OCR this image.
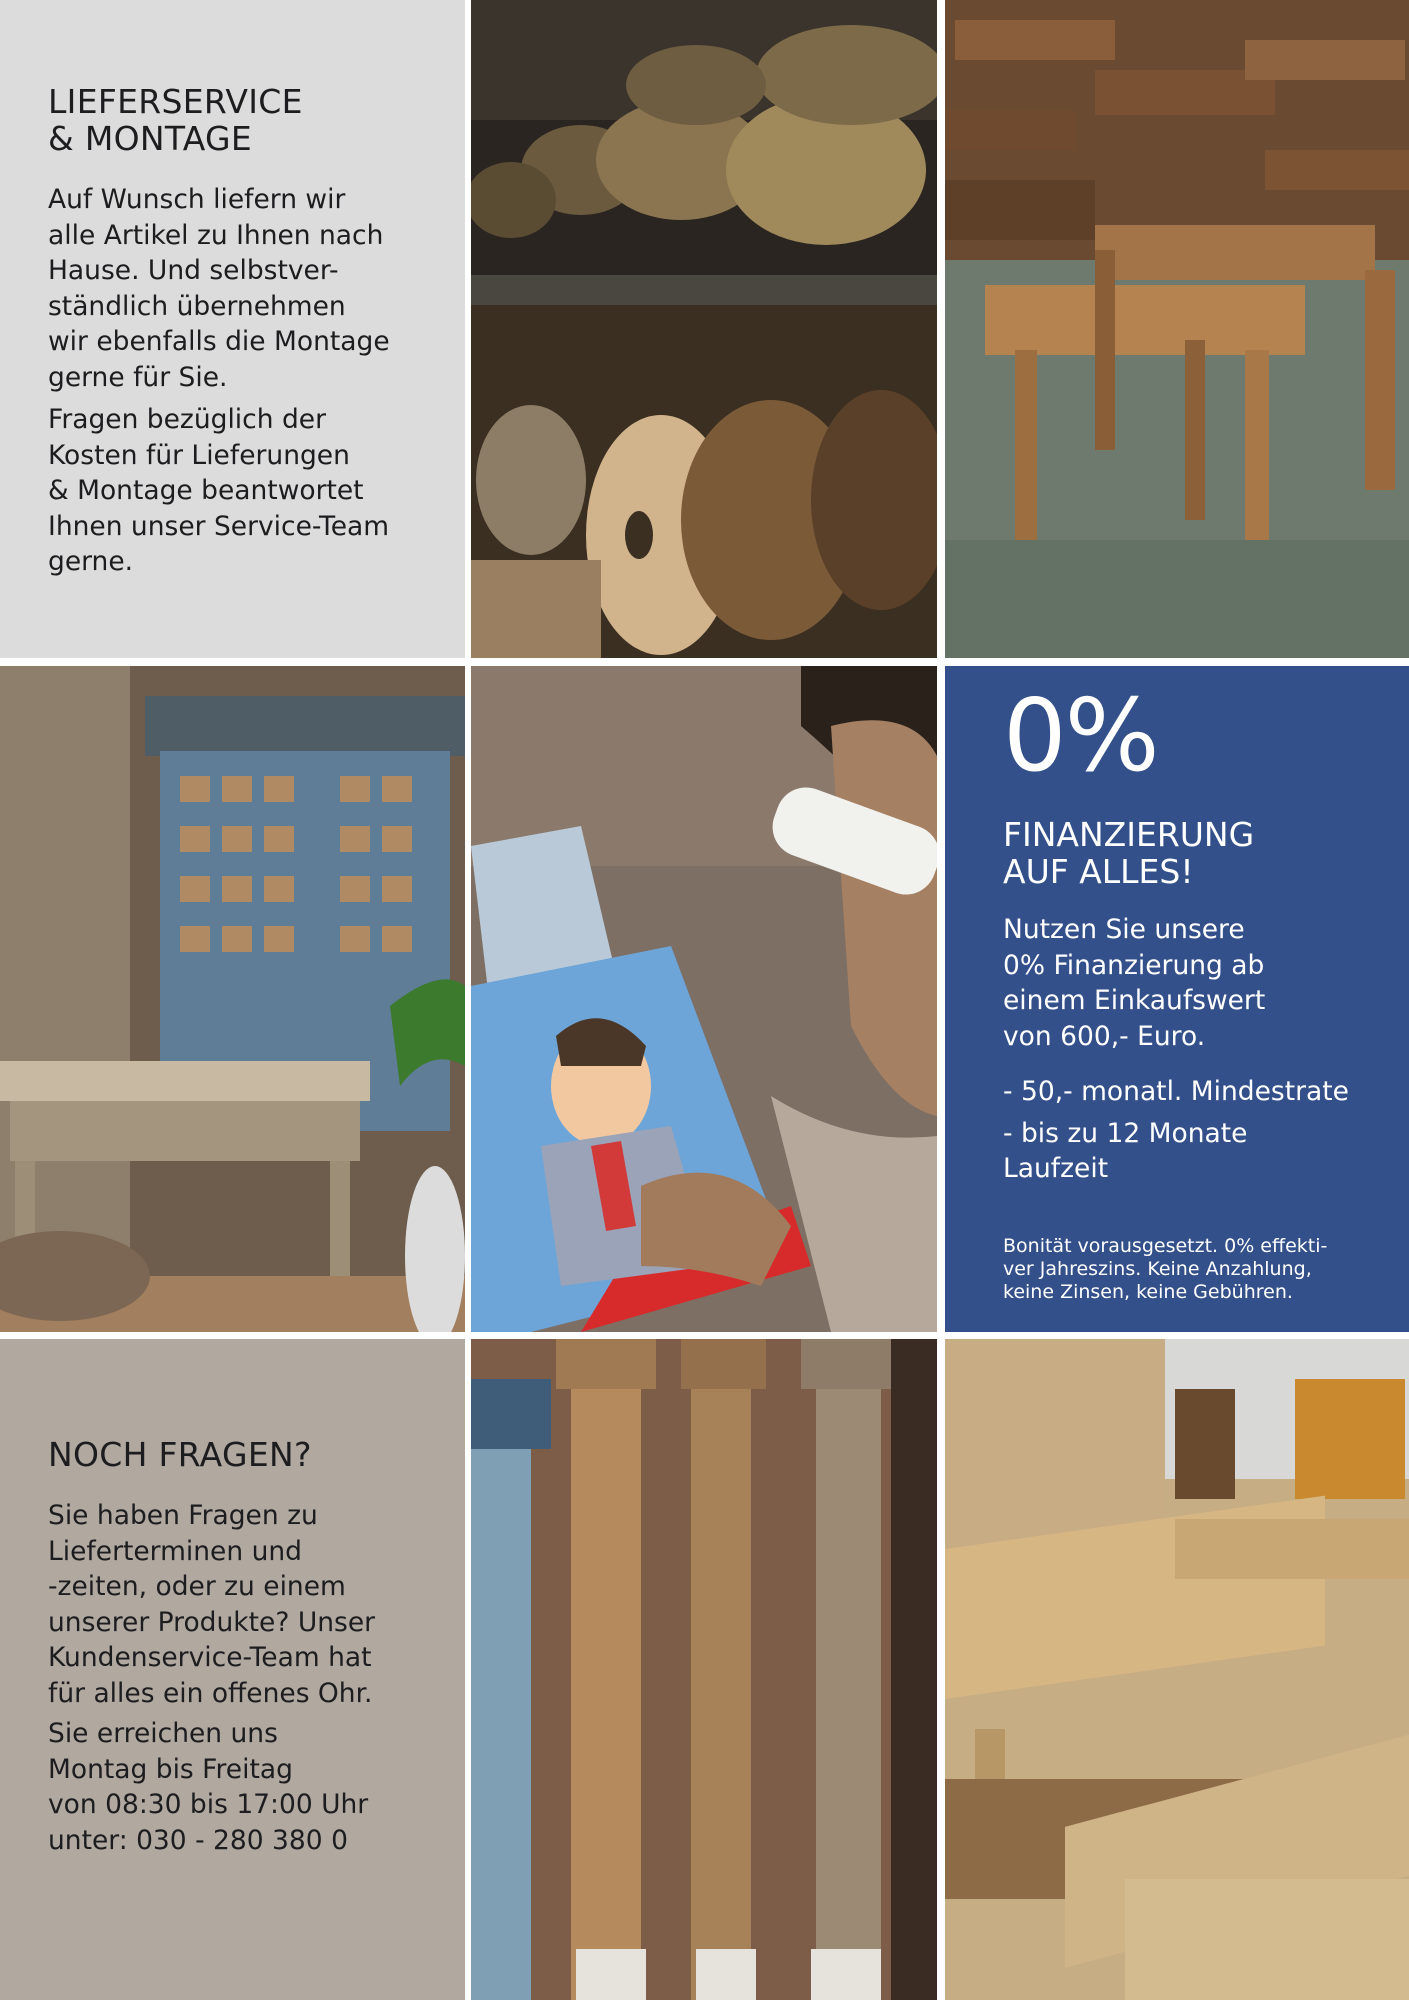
LIEFERSERVICE
& MONTAGE

Auf Wunsch liefern wir
alle Artikel zu Ihnen nach
Hause. Und selbstver-
ständlich übernehmen
wir ebenfalls die Montage
gerne für Sie.

Fragen bezüglich der
Kosten für Lieferungen
& Montage beantwortet
Ihnen unser Service-Team
gerne.

0%
FINANZIERUNG
AUF ALLES!
Nutzen Sie unsere
0% Finanzierung ab
einem Einkaufswert
von 600,- Euro.
- 50,- monatl. Mindestrate
- bis zu 12 Monate
Laufzeit
Bonität vorausgesetzt. 0% effekti-
ver Jahreszins. Keine Anzahlung,
keine Zinsen, keine Gebühren.
NOCH FRAGEN?

Sie haben Fragen zu
Lieferterminen und
-zeiten, oder zu einem
unserer Produkte? Unser
Kundenservice-Team hat
für alles ein offenes Ohr.

Sie erreichen uns
Montag bis Freitag
von 08:30 bis 17:00 Uhr
unter: 030 - 280 380 0
